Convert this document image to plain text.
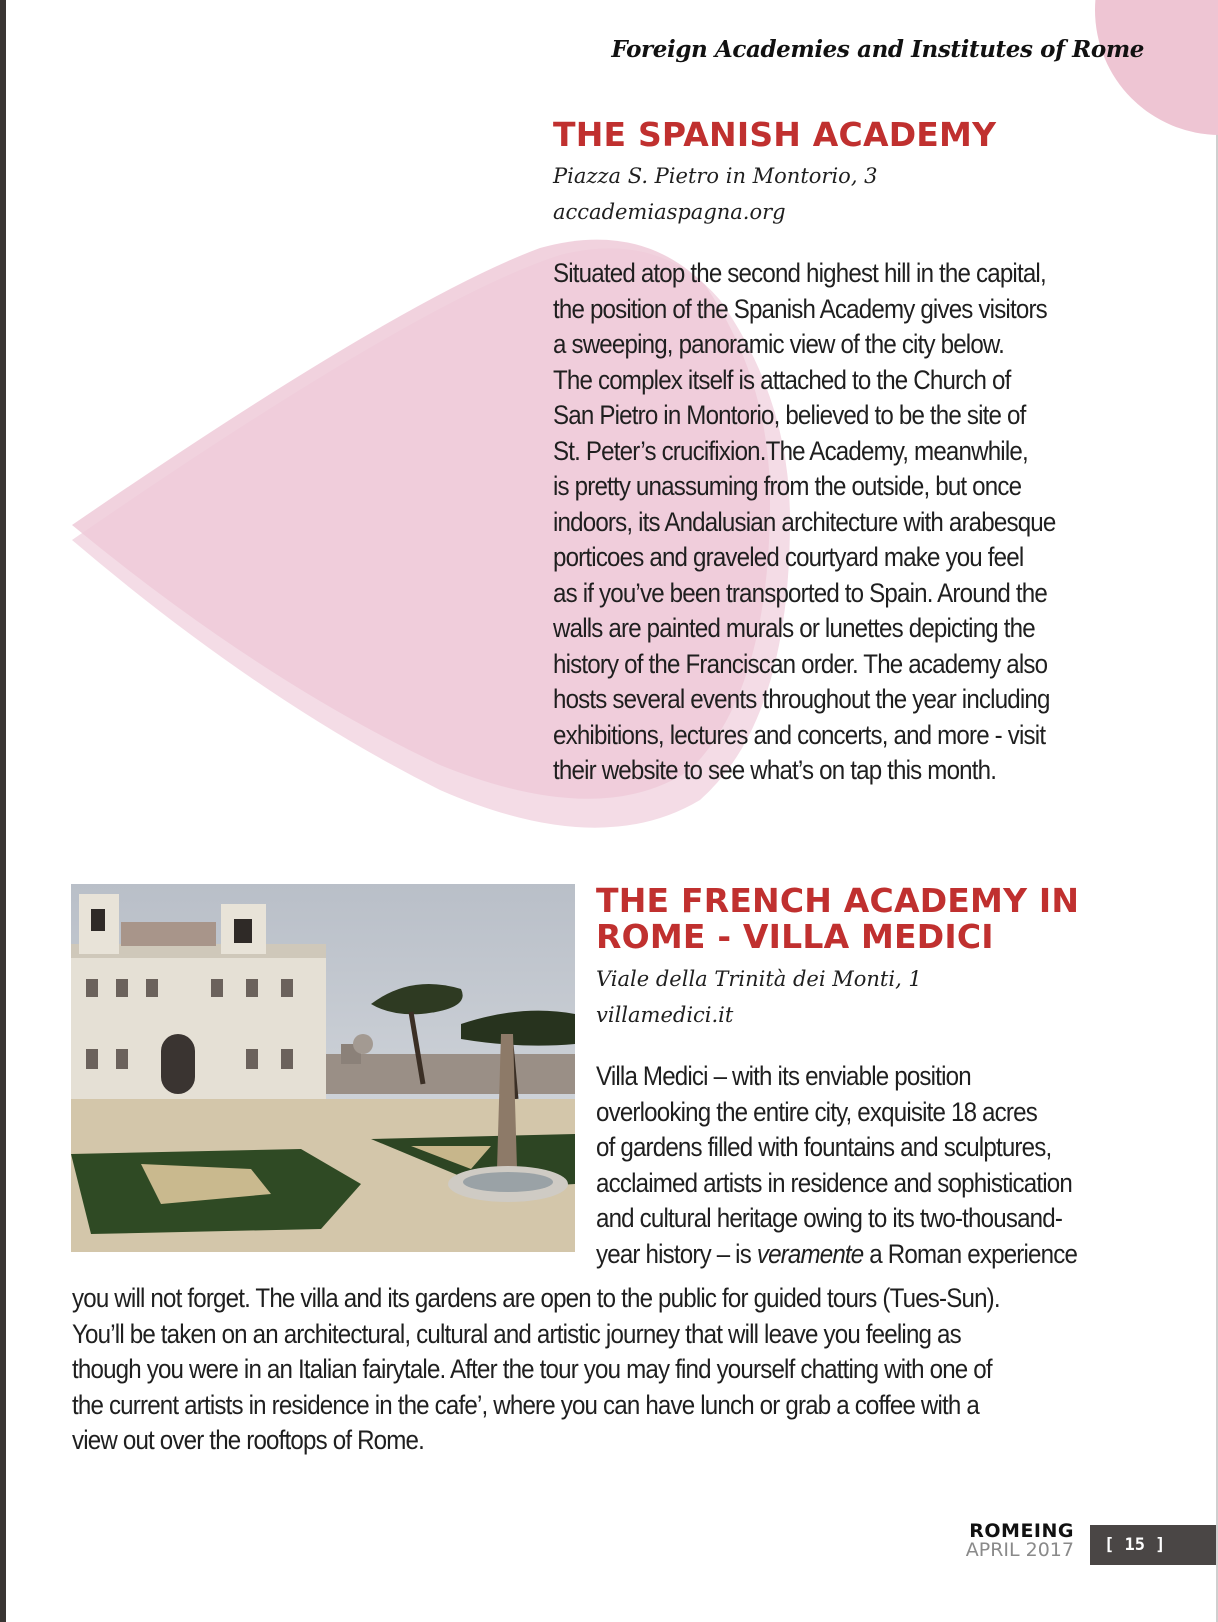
Foreign Academies and Institutes of Rome
THE SPANISH ACADEMY
Piazza S. Pietro in Montorio, 3
accademiaspagna.org
Situated atop the second highest hill in the capital,
the position of the Spanish Academy gives visitors
a sweeping, panoramic view of the city below.
The complex itself is attached to the Church of
San Pietro in Montorio, believed to be the site of
St. Peter’s crucifixion.The Academy, meanwhile,
is pretty unassuming from the outside, but once
indoors, its Andalusian architecture with arabesque
porticoes and graveled courtyard make you feel
as if you’ve been transported to Spain. Around the
walls are painted murals or lunettes depicting the
history of the Franciscan order. The academy also
hosts several events throughout the year including
exhibitions, lectures and concerts, and more - visit
their website to see what’s on tap this month.
THE FRENCH ACADEMY IN
ROME - VILLA MEDICI
Viale della Trinità dei Monti, 1
villamedici.it
Villa Medici – with its enviable position
overlooking the entire city, exquisite 18 acres
of gardens filled with fountains and sculptures,
acclaimed artists in residence and sophistication
and cultural heritage owing to its two-thousand-
year history – is veramente a Roman experience
you will not forget. The villa and its gardens are open to the public for guided tours (Tues-Sun).
You’ll be taken on an architectural, cultural and artistic journey that will leave you feeling as
though you were in an Italian fairytale. After the tour you may find yourself chatting with one of
the current artists in residence in the cafe’, where you can have lunch or grab a coffee with a
view out over the rooftops of Rome.
ROMEING
APRIL 2017	[ 15 ]
